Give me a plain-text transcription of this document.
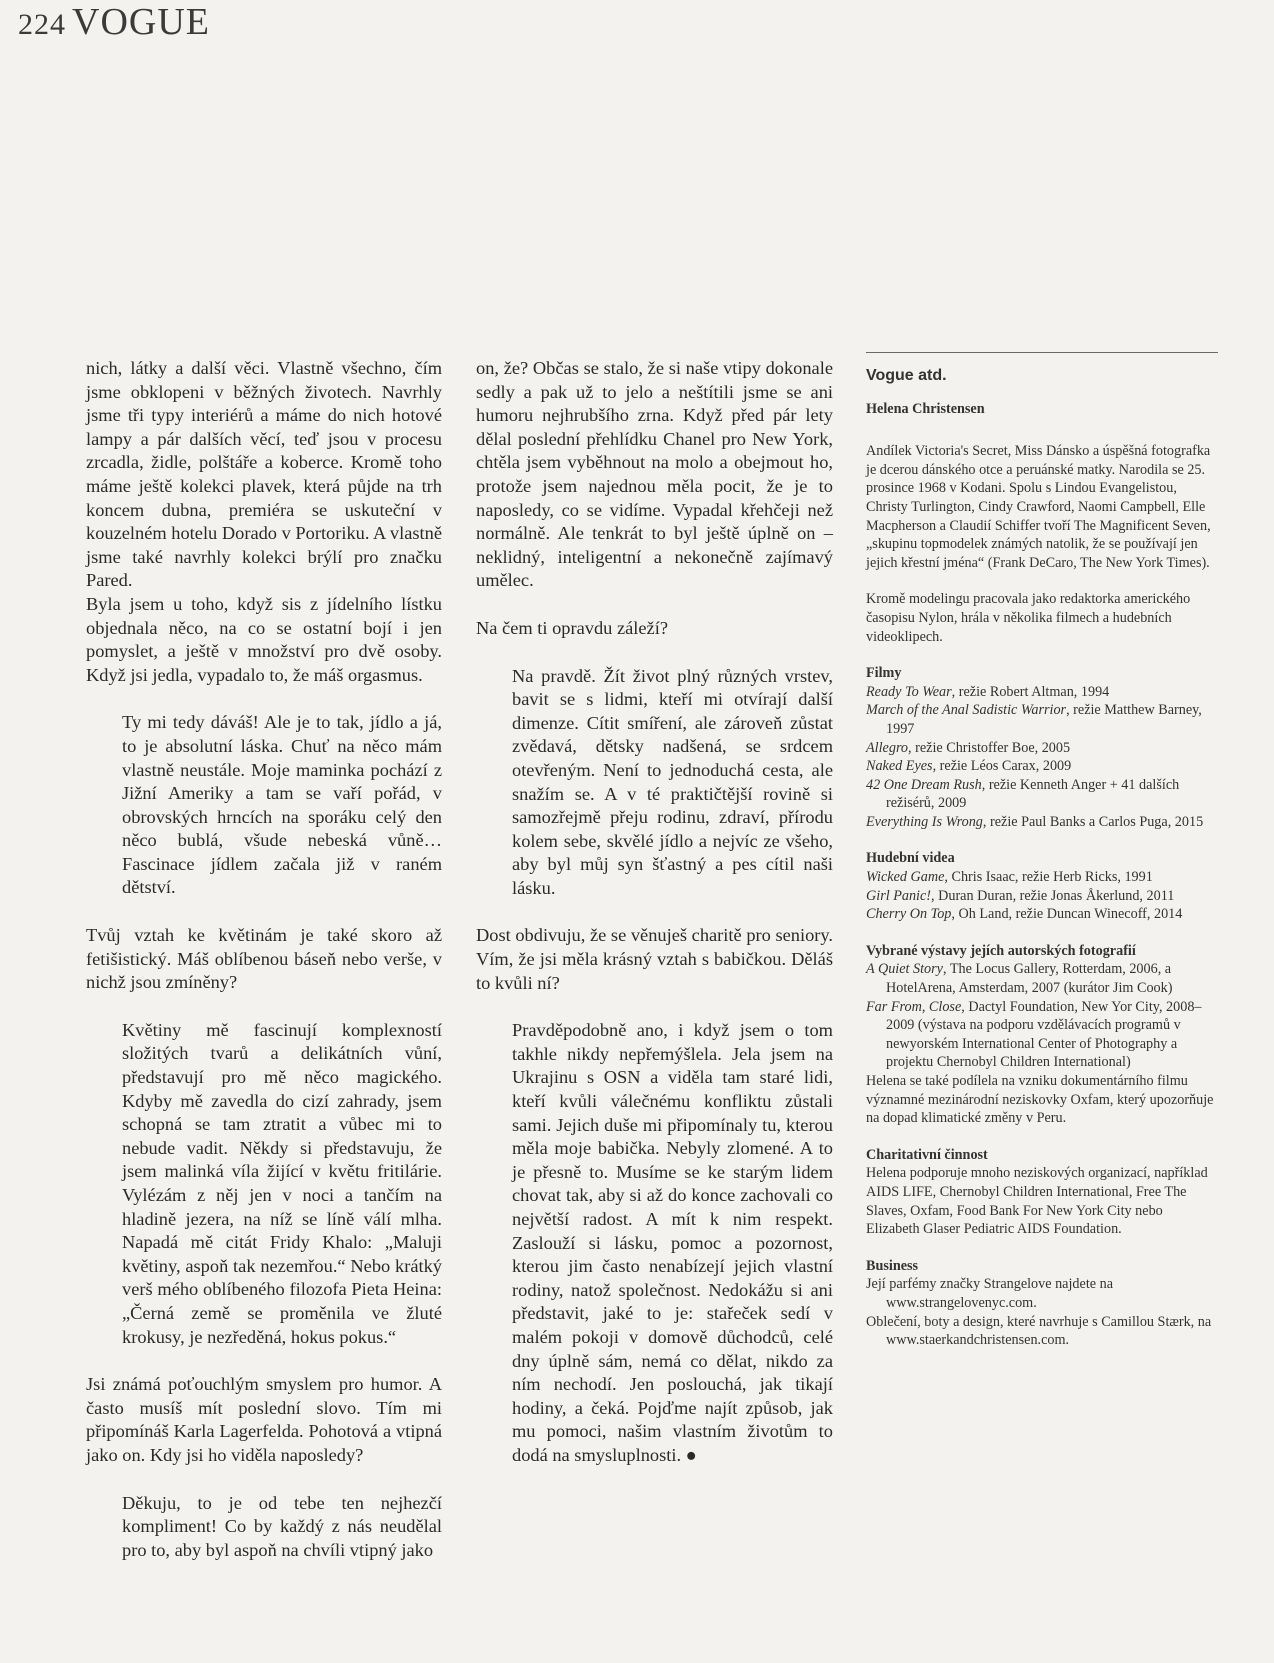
224 VOGUE

nich, látky a další věci. Vlastně všechno, čím jsme obklopeni v běžných životech. Navrhly jsme tři typy interiérů a máme do nich hotové lampy a pár dalších věcí, teď jsou v procesu zrcadla, židle, polštáře a koberce. Kromě toho máme ještě kolekci plavek, která půjde na trh koncem dubna, premiéra se uskuteční v kouzelném hotelu Dorado v Portoriku. A vlastně jsme také navrhly kolekci brýlí pro značku Pared.

Byla jsem u toho, když sis z jídelního lístku objednala něco, na co se ostatní bojí i jen pomyslet, a ještě v množství pro dvě osoby. Když jsi jedla, vypadalo to, že máš orgasmus.

Ty mi tedy dáváš! Ale je to tak, jídlo a já, to je absolutní láska. Chuť na něco mám vlastně neustále. Moje maminka pochází z Jižní Ameriky a tam se vaří pořád, v obrovských hrncích na sporáku celý den něco bublá, všude nebeská vůně… Fascinace jídlem začala již v raném dětství.

Tvůj vztah ke květinám je také skoro až fetišistický. Máš oblíbenou báseň nebo verše, v nichž jsou zmíněny?

Květiny mě fascinují komplexností složitých tvarů a delikátních vůní, představují pro mě něco magického. Kdyby mě zavedla do cizí zahrady, jsem schopná se tam ztratit a vůbec mi to nebude vadit. Někdy si představuju, že jsem malinká víla žijící v květu fritilárie. Vylézám z něj jen v noci a tančím na hladině jezera, na níž se líně válí mlha. Napadá mě citát Fridy Khalo: „Maluji květiny, aspoň tak nezemřou.“ Nebo krátký verš mého oblíbeného filozofa Pieta Heina: „Černá země se proměnila ve žluté krokusy, je nezředěná, hokus pokus.“

Jsi známá poťouchlým smyslem pro humor. A často musíš mít poslední slovo. Tím mi připomínáš Karla Lagerfelda. Pohotová a vtipná jako on. Kdy jsi ho viděla naposledy?

Děkuju, to je od tebe ten nejhezčí kompliment! Co by každý z nás neudělal pro to, aby byl aspoň na chvíli vtipný jako

on, že? Občas se stalo, že si naše vtipy dokonale sedly a pak už to jelo a neštítili jsme se ani humoru nejhrubšího zrna. Když před pár lety dělal poslední přehlídku Chanel pro New York, chtěla jsem vyběhnout na molo a obejmout ho, protože jsem najednou měla pocit, že je to naposledy, co se vidíme. Vypadal křehčeji než normálně. Ale tenkrát to byl ještě úplně on – neklidný, inteligentní a nekonečně zajímavý umělec.

Na čem ti opravdu záleží?

Na pravdě. Žít život plný různých vrstev, bavit se s lidmi, kteří mi otvírají další dimenze. Cítit smíření, ale zároveň zůstat zvědavá, dětsky nadšená, se srdcem otevřeným. Není to jednoduchá cesta, ale snažím se. A v té praktičtější rovině si samozřejmě přeju rodinu, zdraví, přírodu kolem sebe, skvělé jídlo a nejvíc ze všeho, aby byl můj syn šťastný a pes cítil naši lásku.

Dost obdivuju, že se věnuješ charitě pro seniory. Vím, že jsi měla krásný vztah s babičkou. Děláš to kvůli ní?

Pravděpodobně ano, i když jsem o tom takhle nikdy nepřemýšlela. Jela jsem na Ukrajinu s OSN a viděla tam staré lidi, kteří kvůli válečnému konfliktu zůstali sami. Jejich duše mi připomínaly tu, kterou měla moje babička. Nebyly zlomené. A to je přesně to. Musíme se ke starým lidem chovat tak, aby si až do konce zachovali co největší radost. A mít k nim respekt. Zaslouží si lásku, pomoc a pozornost, kterou jim často nenabízejí jejich vlastní rodiny, natož společnost. Nedokážu si ani představit, jaké to je: stařeček sedí v malém pokoji v domově důchodců, celé dny úplně sám, nemá co dělat, nikdo za ním nechodí. Jen poslouchá, jak tikají hodiny, a čeká. Pojďme najít způsob, jak mu pomoci, našim vlastním životům to dodá na smysluplnosti. ●

Vogue atd.

Helena Christensen

Andílek Victoria's Secret, Miss Dánsko a úspěšná fotografka je dcerou dánského otce a peruánské matky. Narodila se 25. prosince 1968 v Kodani. Spolu s Lindou Evangelistou, Christy Turlington, Cindy Crawford, Naomi Campbell, Elle Macpherson a Claudií Schiffer tvoří The Magnificent Seven, „skupinu topmodelek známých natolik, že se používají jen jejich křestní jména“ (Frank DeCaro, The New York Times).

Kromě modelingu pracovala jako redaktorka amerického časopisu Nylon, hrála v několika filmech a hudebních videoklipech.

Filmy

Ready To Wear, režie Robert Altman, 1994

March of the Anal Sadistic Warrior, režie Matthew Barney, 1997

Allegro, režie Christoffer Boe, 2005

Naked Eyes, režie Léos Carax, 2009

42 One Dream Rush, režie Kenneth Anger + 41 dalších režisérů, 2009

Everything Is Wrong, režie Paul Banks a Carlos Puga, 2015

Hudební videa

Wicked Game, Chris Isaac, režie Herb Ricks, 1991

Girl Panic!, Duran Duran, režie Jonas Åkerlund, 2011

Cherry On Top, Oh Land, režie Duncan Winecoff, 2014

Vybrané výstavy jejích autorských fotografií

A Quiet Story, The Locus Gallery, Rotterdam, 2006, a HotelArena, Amsterdam, 2007 (kurátor Jim Cook)

Far From, Close, Dactyl Foundation, New Yor City, 2008–2009 (výstava na podporu vzdělávacích programů v newyorském International Center of Photography a projektu Chernobyl Children International)

Helena se také podílela na vzniku dokumentárního filmu významné mezinárodní neziskovky Oxfam, který upozorňuje na dopad klimatické změny v Peru.

Charitativní činnost

Helena podporuje mnoho neziskových organizací, například AIDS LIFE, Chernobyl Children International, Free The Slaves, Oxfam, Food Bank For New York City nebo Elizabeth Glaser Pediatric AIDS Foundation.

Business

Její parfémy značky Strangelove najdete na www.strangelovenyc.com.

Oblečení, boty a design, které navrhuje s Camillou Stærk, na www.staerkandchristensen.com.
